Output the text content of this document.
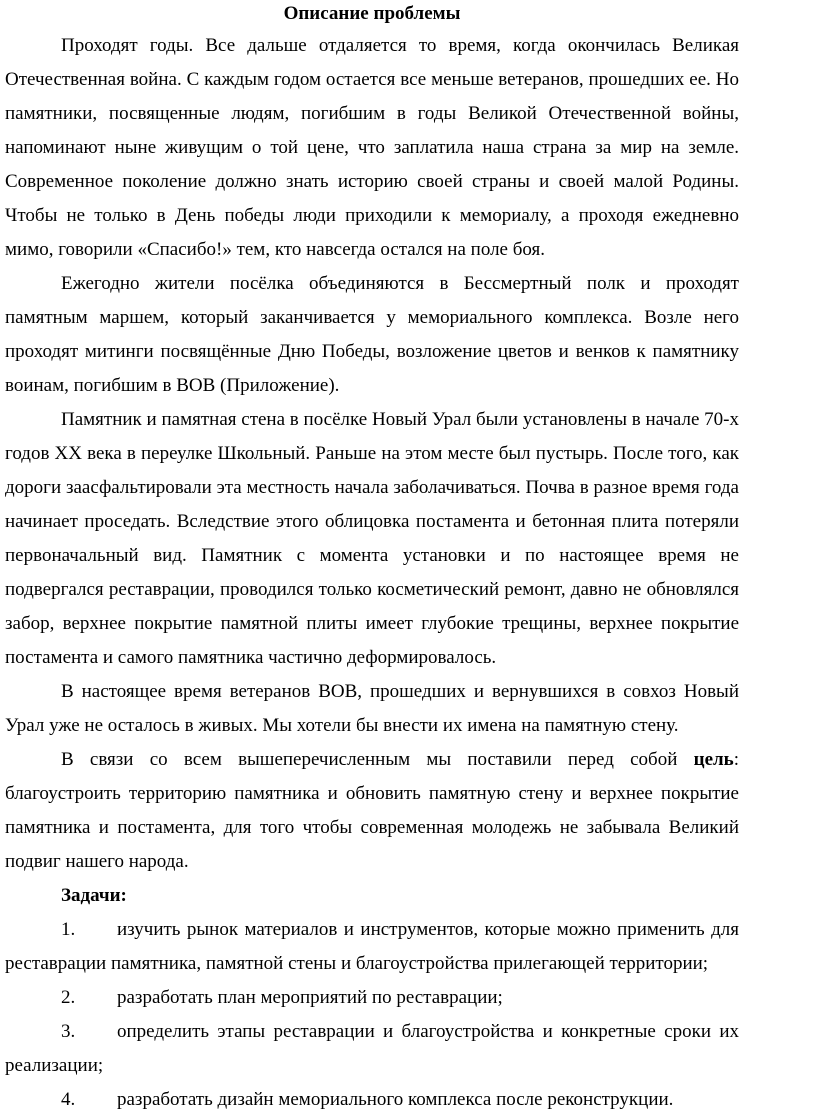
Описание проблемы

Проходят годы. Все дальше отдаляется то время, когда окончилась Великая Отечественная война. С каждым годом остается все меньше ветеранов, прошедших ее. Но памятники, посвященные людям, погибшим в годы Великой Отечественной войны, напоминают ныне живущим о той цене, что заплатила наша страна за мир на земле. Современное поколение должно знать историю своей страны и своей малой Родины. Чтобы не только в День победы люди приходили к мемориалу, а проходя ежедневно мимо, говорили «Спасибо!» тем, кто навсегда остался на поле боя.

Ежегодно жители посёлка объединяются в Бессмертный полк и проходят памятным маршем, который заканчивается у мемориального комплекса. Возле него проходят митинги посвящённые Дню Победы, возложение цветов и венков к памятнику воинам, погибшим в ВОВ (Приложение).

Памятник и памятная стена в посёлке Новый Урал были установлены в начале 70-х годов XX века в переулке Школьный. Раньше на этом месте был пустырь. После того, как дороги заасфальтировали эта местность начала заболачиваться. Почва в разное время года начинает проседать. Вследствие этого облицовка постамента и бетонная плита потеряли первоначальный вид. Памятник с момента установки и по настоящее время не подвергался реставрации, проводился только косметический ремонт, давно не обновлялся забор, верхнее покрытие памятной плиты имеет глубокие трещины, верхнее покрытие постамента и самого памятника частично деформировалось.

В настоящее время ветеранов ВОВ, прошедших и вернувшихся в совхоз Новый Урал уже не осталось в живых. Мы хотели бы внести их имена на памятную стену.

В связи со всем вышеперечисленным мы поставили перед собой цель: благоустроить территорию памятника и обновить памятную стену и верхнее покрытие памятника и постамента, для того чтобы современная молодежь не забывала Великий подвиг нашего народа.

Задачи:

1. изучить рынок материалов и инструментов, которые можно применить для реставрации памятника, памятной стены и благоустройства прилегающей территории;

2. разработать план мероприятий по реставрации;

3. определить этапы реставрации и благоустройства и конкретные сроки их реализации;

4. разработать дизайн мемориального комплекса после реконструкции.
